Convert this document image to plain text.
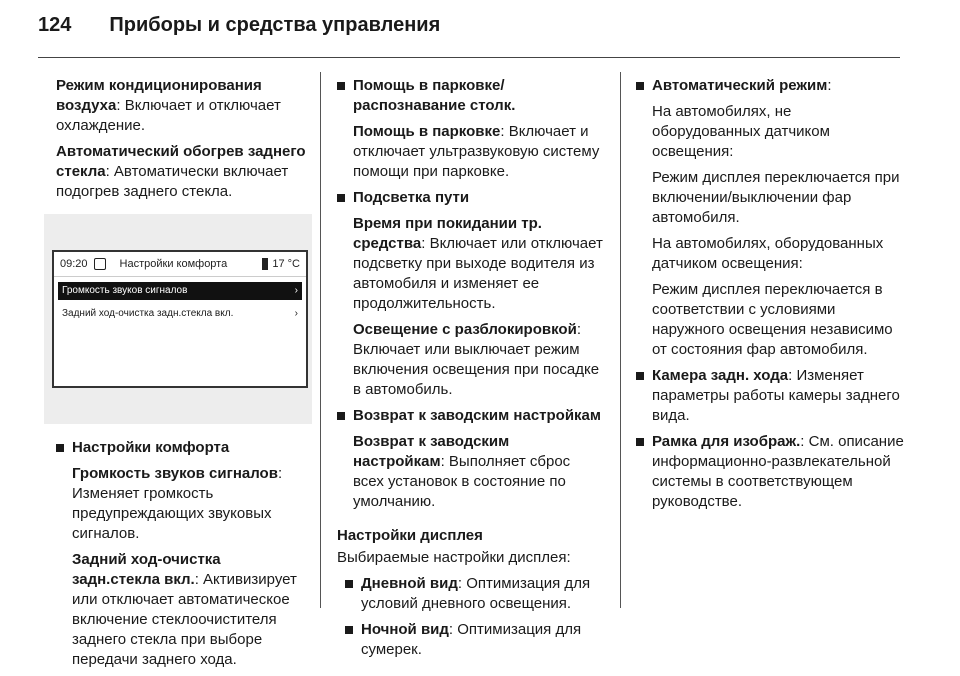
124 Приборы и средства управления

Режим кондиционирования воздуха: Включает и отключает охлаждение.

Автоматический обогрев заднего стекла: Автоматически включает подогрев заднего стекла.

09:20	Настройки комфорта	17 °C
Громкость звуков сигналов	›
Задний ход-очистка задн.стекла вкл.	›
Настройки комфорта

Громкость звуков сигналов: Изменяет громкость предупреждающих звуковых сигналов.

Задний ход-очистка задн.стекла вкл.: Активизирует или отключает автоматическое включение стеклоочистителя заднего стекла при выборе передачи заднего хода.

Помощь в парковке/ распознавание столк.

Помощь в парковке: Включает и отключает ультразвуковую систему помощи при парковке.

Подсветка пути

Время при покидании тр. средства: Включает или отключает подсветку при выходе водителя из автомобиля и изменяет ее продолжительность.

Освещение с разблокировкой: Включает или выключает режим включения освещения при посадке в автомобиль.

Возврат к заводским настройкам

Возврат к заводским настройкам: Выполняет сброс всех установок в состояние по умолчанию.

Настройки дисплея

Выбираемые настройки дисплея:

Дневной вид: Оптимизация для условий дневного освещения.
Ночной вид: Оптимизация для сумерек.
Автоматический режим:

На автомобилях, не оборудованных датчиком освещения:

Режим дисплея переключается при включении/выключении фар автомобиля.

На автомобилях, оборудованных датчиком освещения:

Режим дисплея переключается в соответствии с условиями наружного освещения независимо от состояния фар автомобиля.

Камера задн. хода: Изменяет параметры работы камеры заднего вида.
Рамка для изображ.: См. описание информационно-развлекательной системы в соответствующем руководстве.
